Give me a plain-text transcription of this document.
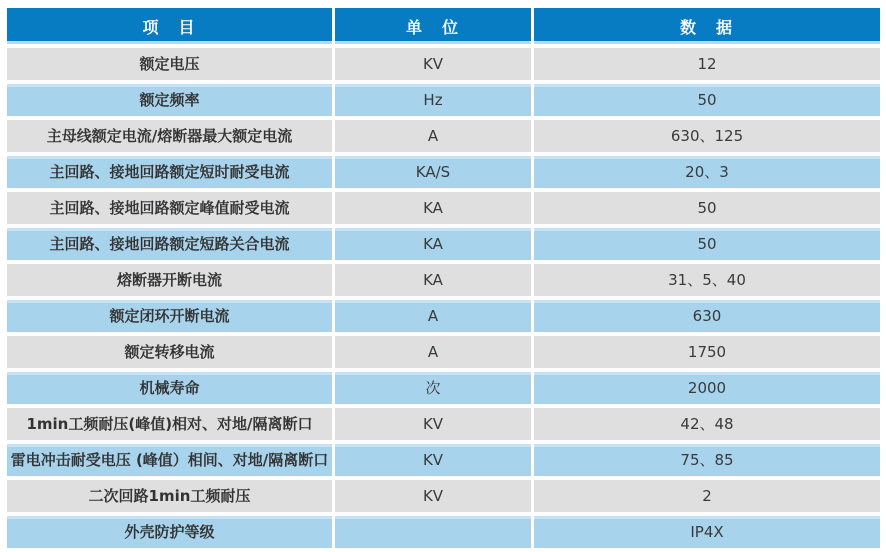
项　目	单　位	数　据
额定电压	KV	12
额定频率	Hz	50
主母线额定电流/熔断器最大额定电流	A	630、125
主回路、接地回路额定短时耐受电流	KA/S	20、3
主回路、接地回路额定峰值耐受电流	KA	50
主回路、接地回路额定短路关合电流	KA	50
熔断器开断电流	KA	31、5、40
额定闭环开断电流	A	630
额定转移电流	A	1750
机械寿命	次	2000
1min工频耐压(峰值)相对、对地/隔离断口	KV	42、48
雷电冲击耐受电压 (峰值）相间、对地/隔离断口	KV	75、85
二次回路1min工频耐压	KV	2
外壳防护等级		IP4X
